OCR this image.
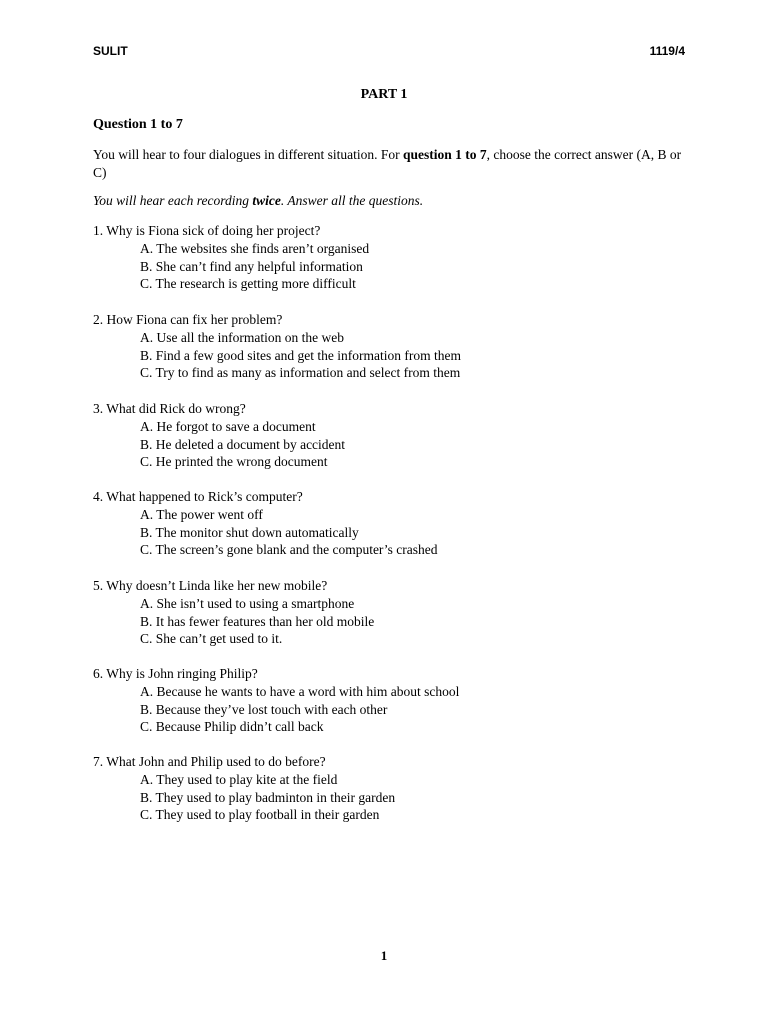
SULIT	1119/4
PART 1
Question 1 to 7
You will hear to four dialogues in different situation. For question 1 to 7, choose the correct answer (A, B or C)
You will hear each recording twice. Answer all the questions.
1. Why is Fiona sick of doing her project?
A. The websites she finds aren’t organised
B. She can’t find any helpful information
C. The research is getting more difficult
2. How Fiona can fix her problem?
A. Use all the information on the web
B. Find a few good sites and get the information from them
C. Try to find as many as information and select from them
3. What did Rick do wrong?
A. He forgot to save a document
B. He deleted a document by accident
C. He printed the wrong document
4. What happened to Rick’s computer?
A. The power went off
B. The monitor shut down automatically
C. The screen’s gone blank and the computer’s crashed
5. Why doesn’t Linda like her new mobile?
A. She isn’t used to using a smartphone
B. It has fewer features than her old mobile
C. She can’t get used to it.
6. Why is John ringing Philip?
A. Because he wants to have a word with him about school
B. Because they’ve lost touch with each other
C. Because Philip didn’t call back
7. What John and Philip used to do before?
A. They used to play kite at the field
B. They used to play badminton in their garden
C. They used to play football in their garden
1
